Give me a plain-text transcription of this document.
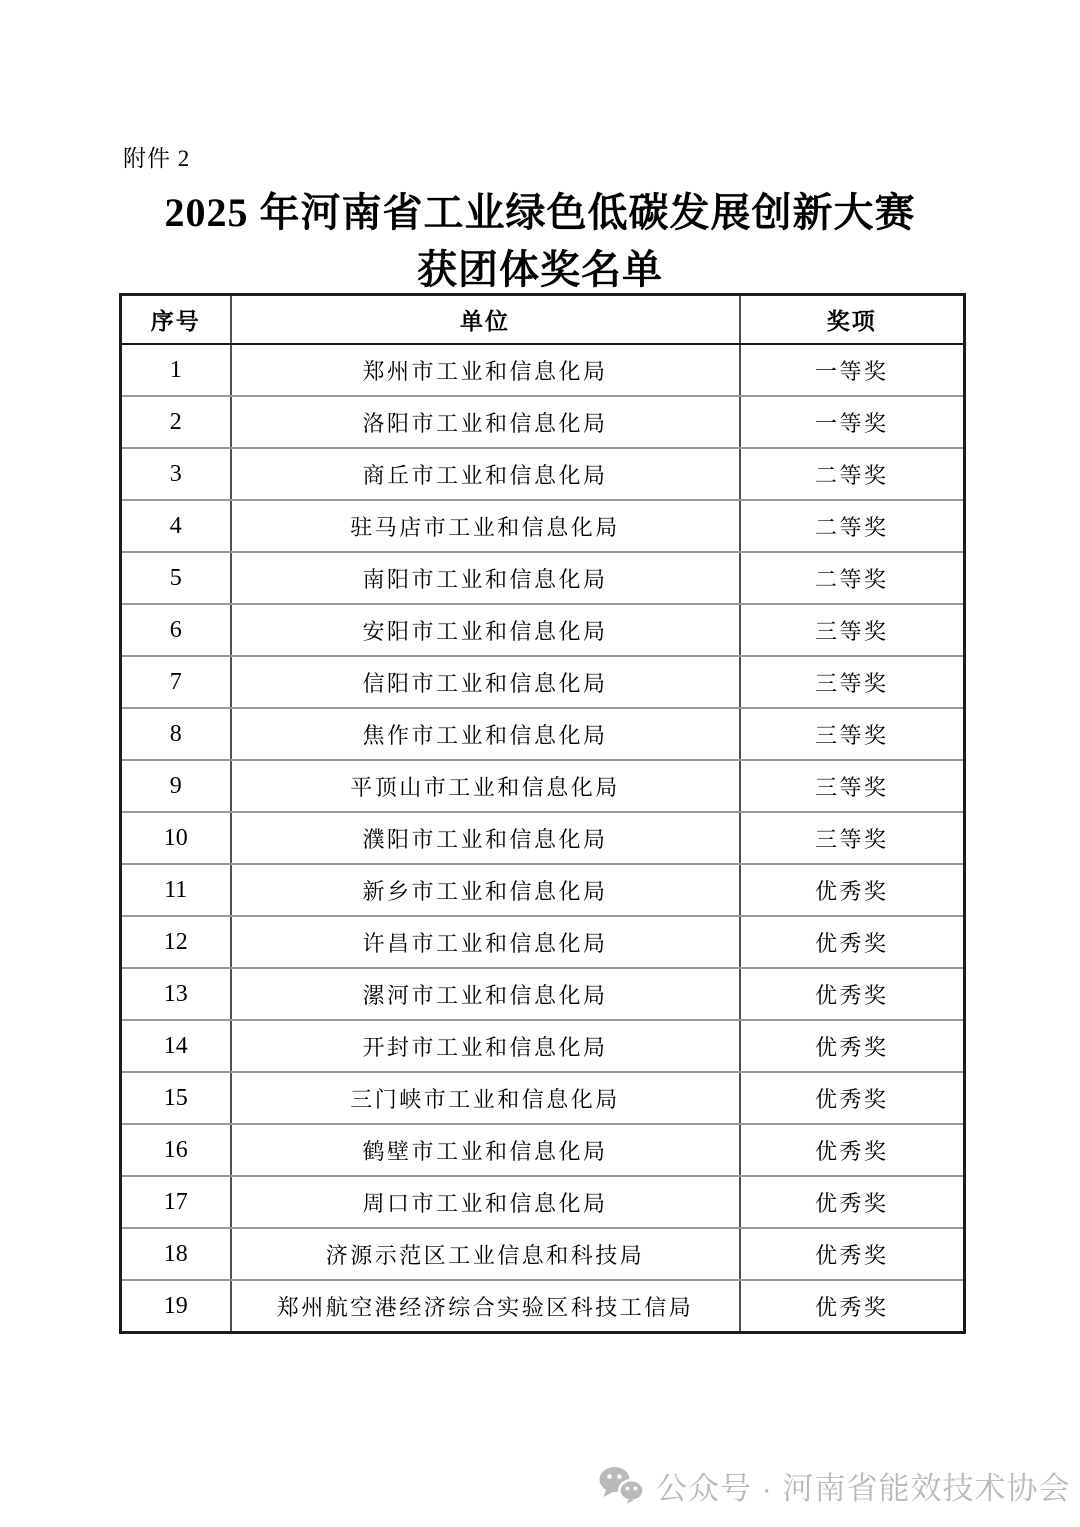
附件 2
2025 年河南省工业绿色低碳发展创新大赛
获团体奖名单
序号	单位	奖项
1	郑州市工业和信息化局	一等奖
2	洛阳市工业和信息化局	一等奖
3	商丘市工业和信息化局	二等奖
4	驻马店市工业和信息化局	二等奖
5	南阳市工业和信息化局	二等奖
6	安阳市工业和信息化局	三等奖
7	信阳市工业和信息化局	三等奖
8	焦作市工业和信息化局	三等奖
9	平顶山市工业和信息化局	三等奖
10	濮阳市工业和信息化局	三等奖
11	新乡市工业和信息化局	优秀奖
12	许昌市工业和信息化局	优秀奖
13	漯河市工业和信息化局	优秀奖
14	开封市工业和信息化局	优秀奖
15	三门峡市工业和信息化局	优秀奖
16	鹤壁市工业和信息化局	优秀奖
17	周口市工业和信息化局	优秀奖
18	济源示范区工业信息和科技局	优秀奖
19	郑州航空港经济综合实验区科技工信局	优秀奖
公众号 · 河南省能效技术协会
